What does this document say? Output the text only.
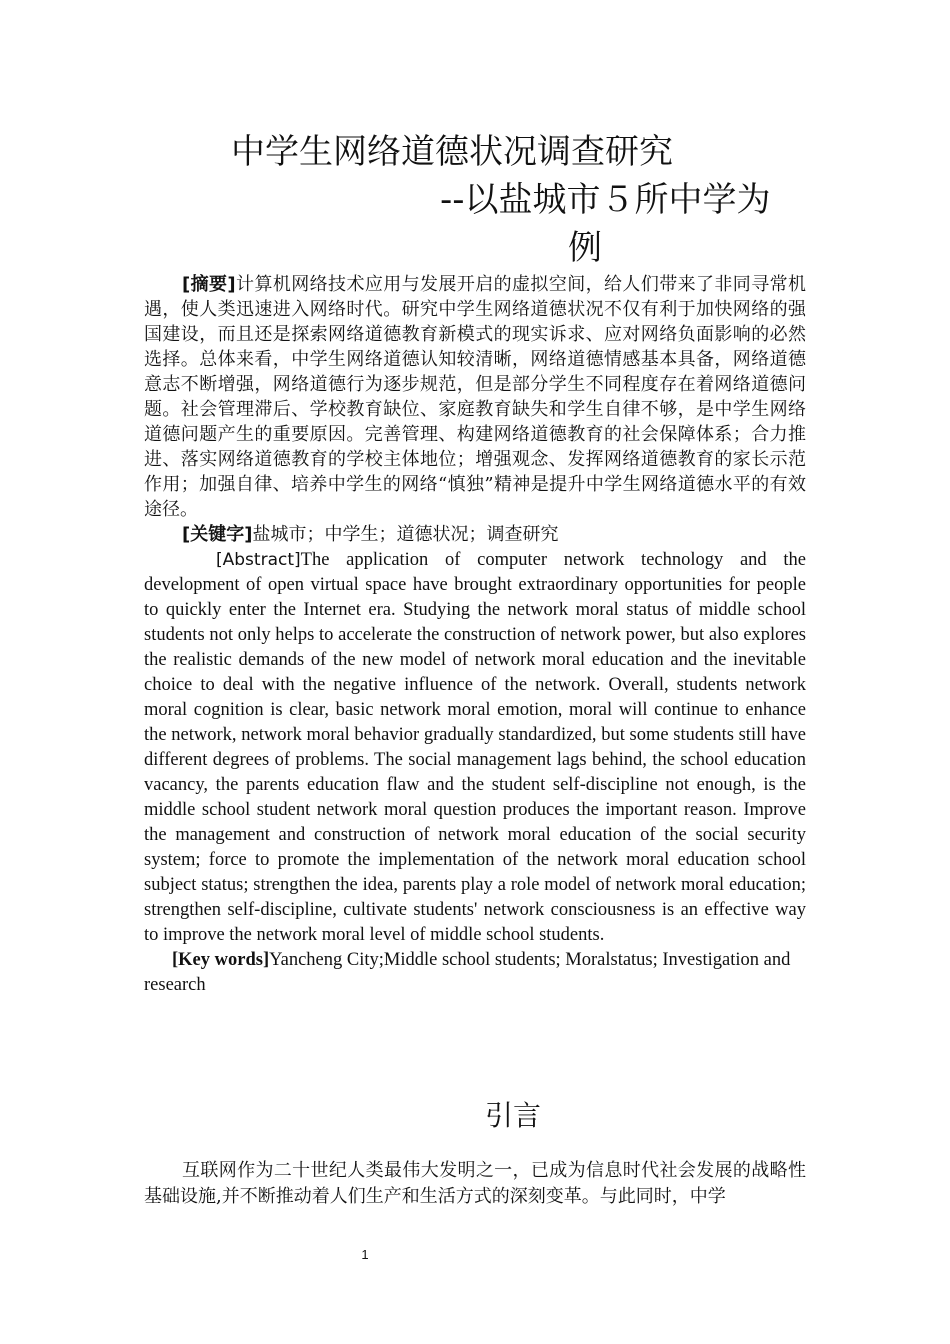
中学生网络道德状况调查研究
--以盐城市５所中学为
例

[摘要]计算机网络技术应用与发展开启的虚拟空间，给人们带来了非同寻常机遇，使人类迅速进入网络时代。研究中学生网络道德状况不仅有利于加快网络的强国建设，而且还是探索网络道德教育新模式的现实诉求、应对网络负面影响的必然选择。总体来看，中学生网络道德认知较清晰，网络道德情感基本具备，网络道德意志不断增强，网络道德行为逐步规范，但是部分学生不同程度存在着网络道德问题。社会管理滞后、学校教育缺位、家庭教育缺失和学生自律不够，是中学生网络道德问题产生的重要原因。完善管理、构建网络道德教育的社会保障体系；合力推进、落实网络道德教育的学校主体地位；增强观念、发挥网络道德教育的家长示范作用；加强自律、培养中学生的网络“慎独”精神是提升中学生网络道德水平的有效途径。

[关键字]盐城市；中学生；道德状况；调查研究

[Abstract]The application of computer network technology and the development of open virtual space have brought extraordinary opportunities for people to quickly enter the Internet era. Studying the network moral status of middle school students not only helps to accelerate the construction of network power, but also explores the realistic demands of the new model of network moral education and the inevitable choice to deal with the negative influence of the network. Overall, students network moral cognition is clear, basic network moral emotion, moral will continue to enhance the network, network moral behavior gradually standardized, but some students still have different degrees of problems. The social management lags behind, the school education vacancy, the parents education flaw and the student self-discipline not enough, is the middle school student network moral question produces the important reason. Improve the management and construction of network moral education of the social security system; force to promote the implementation of the network moral education school subject status; strengthen the idea, parents play a role model of network moral education; strengthen self-discipline, cultivate students' network consciousness is an effective way to improve the network moral level of middle school students.

[Key words]Yancheng City;Middle school students; Moralstatus; Investigation and research

引言

互联网作为二十世纪人类最伟大发明之一，已成为信息时代社会发展的战略性基础设施,并不断推动着人们生产和生活方式的深刻变革。与此同时，中学

1
